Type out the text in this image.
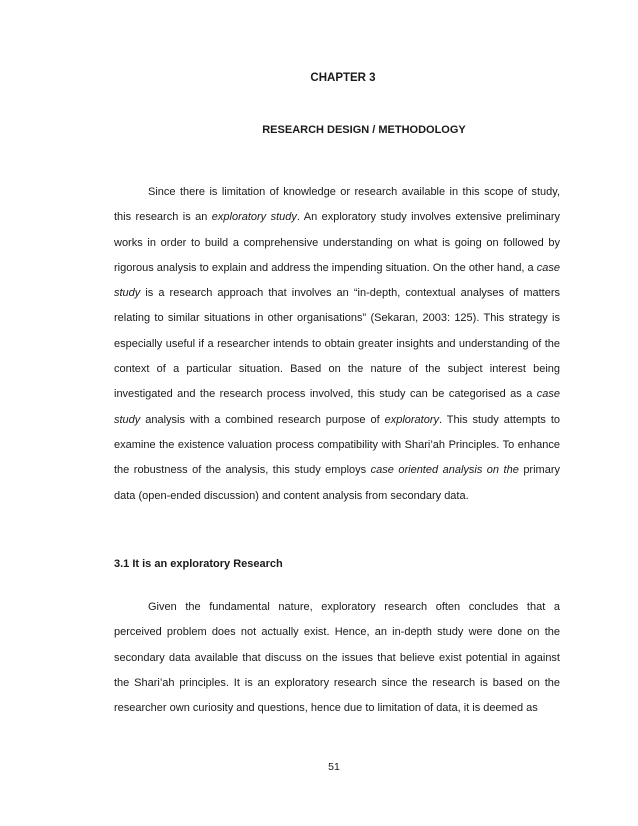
CHAPTER 3
RESEARCH DESIGN / METHODOLOGY

Since there is limitation of knowledge or research available in this scope of study, this research is an exploratory study. An exploratory study involves extensive preliminary works in order to build a comprehensive understanding on what is going on followed by rigorous analysis to explain and address the impending situation. On the other hand, a case study is a research approach that involves an “in-depth, contextual analyses of matters relating to similar situations in other organisations” (Sekaran, 2003: 125). This strategy is especially useful if a researcher intends to obtain greater insights and understanding of the context of a particular situation. Based on the nature of the subject interest being investigated and the research process involved, this study can be categorised as a case study analysis with a combined research purpose of exploratory. This study attempts to examine the existence valuation process compatibility with Shari’ah Principles. To enhance the robustness of the analysis, this study employs case oriented analysis on the primary data (open-ended discussion) and content analysis from secondary data.

3.1 It is an exploratory Research

Given the fundamental nature, exploratory research often concludes that a perceived problem does not actually exist. Hence, an in-depth study were done on the secondary data available that discuss on the issues that believe exist potential in against the Shari’ah principles. It is an exploratory research since the research is based on the researcher own curiosity and questions, hence due to limitation of data, it is deemed as

51
